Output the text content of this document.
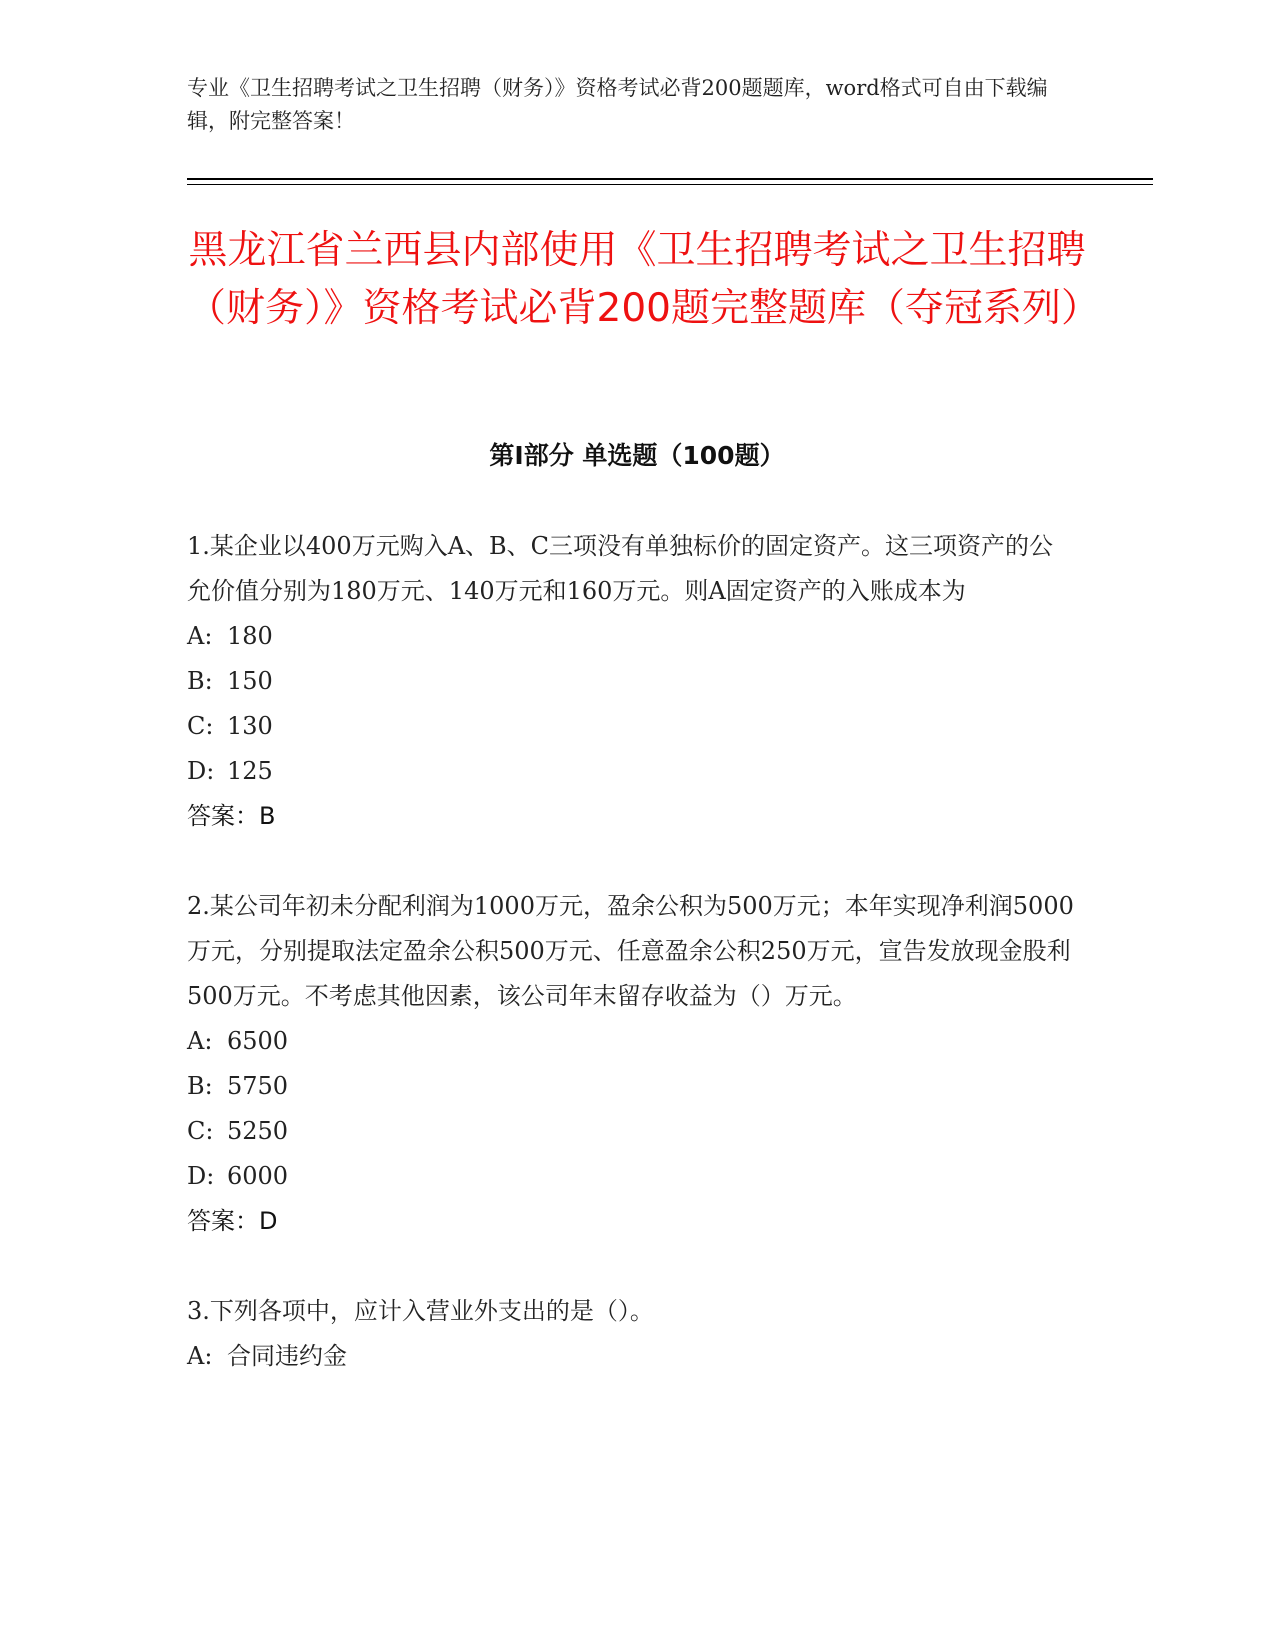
专业《卫生招聘考试之卫生招聘（财务）》资格考试必背200题题库，word格式可自由下载编辑，附完整答案！
黑龙江省兰西县内部使用《卫生招聘考试之卫生招聘（财务）》资格考试必背200题完整题库（夺冠系列）
第Ⅰ部分 单选题（100题）

1.某企业以400万元购入A、B、C三项没有单独标价的固定资产。这三项资产的公允价值分别为180万元、140万元和160万元。则A固定资产的入账成本为

A: 180
B: 150
C: 130
D: 125

答案：B

2.某公司年初未分配利润为1000万元，盈余公积为500万元；本年实现净利润5000万元，分别提取法定盈余公积500万元、任意盈余公积250万元，宣告发放现金股利500万元。不考虑其他因素，该公司年末留存收益为（）万元。

A: 6500
B: 5750
C: 5250
D: 6000

答案：D

3.下列各项中，应计入营业外支出的是（）。

A: 合同违约金
